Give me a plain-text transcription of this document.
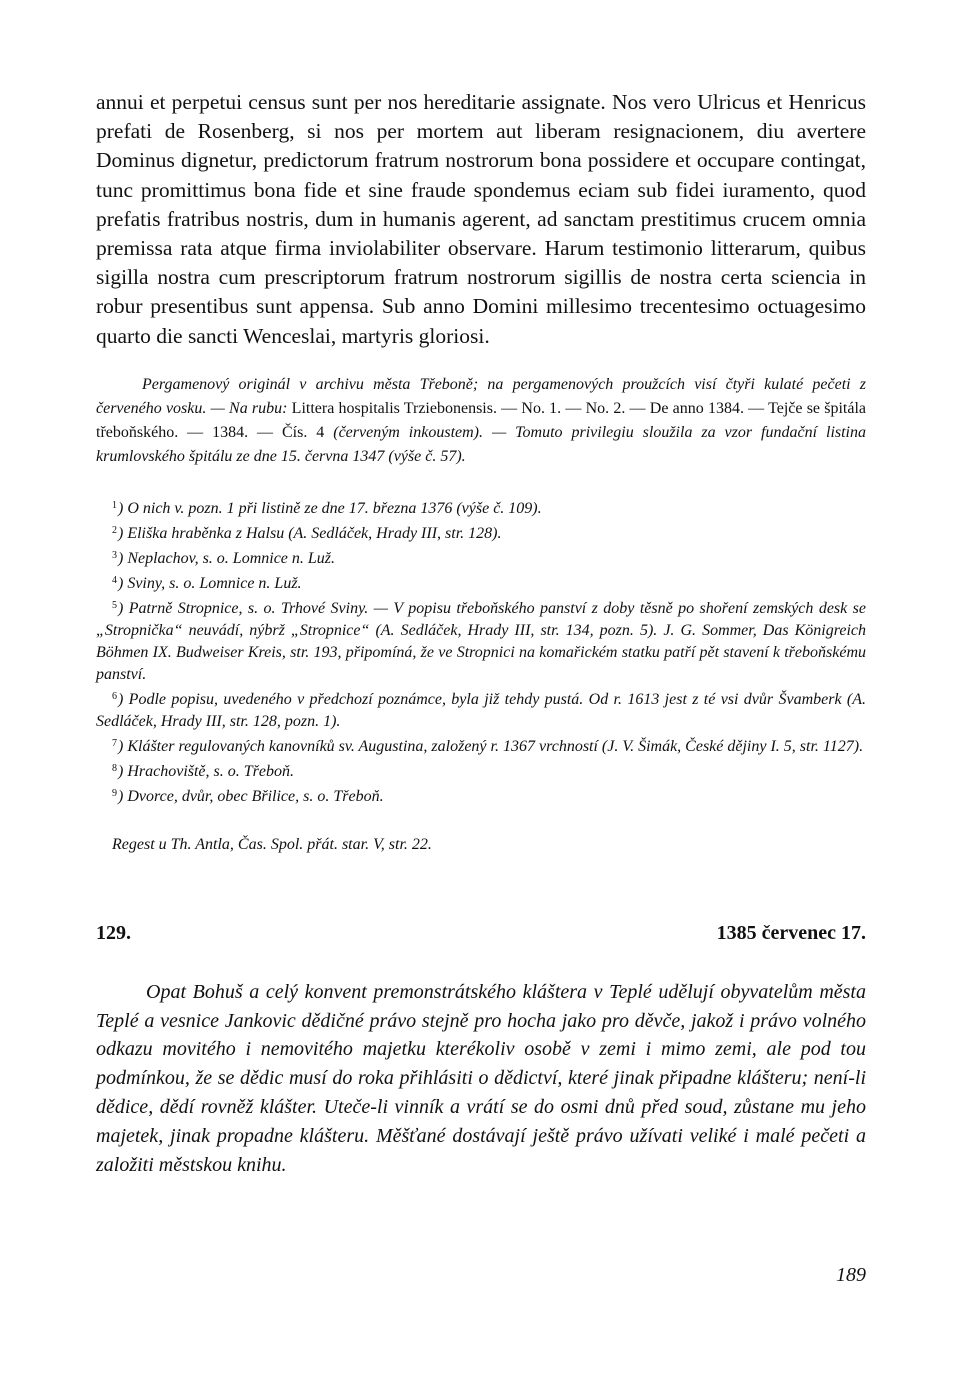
annui et perpetui census sunt per nos hereditarie assignate. Nos vero Ulricus et Henricus prefati de Rosenberg, si nos per mortem aut liberam resignacionem, diu avertere Dominus dignetur, predictorum fratrum nostrorum bona possidere et occupare contingat, tunc promittimus bona fide et sine fraude spondemus eciam sub fidei iuramento, quod prefatis fratribus nostris, dum in humanis agerent, ad sanctam prestitimus crucem omnia premissa rata atque firma inviolabiliter observare. Harum testimonio litterarum, quibus sigilla nostra cum prescriptorum fratrum nostrorum sigillis de nostra certa sciencia in robur presentibus sunt appensa. Sub anno Domini millesimo trecentesimo octuagesimo quarto die sancti Wenceslai, martyris gloriosi.

Pergamenový originál v archivu města Třeboně; na pergamenových proužcích visí čtyři kulaté pečeti z červeného vosku. — Na rubu: Littera hospitalis Trziebonensis. — No. 1. — No. 2. — De anno 1384. — Tejče se špitála třeboňského. — 1384. — Čís. 4 (červeným inkoustem). — Tomuto privilegiu sloužila za vzor fundační listina krumlovského špitálu ze dne 15. června 1347 (výše č. 57).

$^1$) O nich v. pozn. 1 při listině ze dne 17. března 1376 (výše č. 109).

$^2$) Eliška hraběnka z Halsu (A. Sedláček, Hrady III, str. 128).

$^3$) Neplachov, s. o. Lomnice n. Luž.

$^4$) Sviny, s. o. Lomnice n. Luž.

$^5$) Patrně Stropnice, s. o. Trhové Sviny. — V popisu třeboňského panství z doby těsně po shoření zemských desk se „Stropnička“ neuvádí, nýbrž „Stropnice“ (A. Sedláček, Hrady III, str. 134, pozn. 5). J. G. Sommer, Das Königreich Böhmen IX. Budweiser Kreis, str. 193, připomíná, že ve Stropnici na komařickém statku patří pět stavení k třeboňskému panství.

$^6$) Podle popisu, uvedeného v předchozí poznámce, byla již tehdy pustá. Od r. 1613 jest z té vsi dvůr Švamberk (A. Sedláček, Hrady III, str. 128, pozn. 1).

$^7$) Klášter regulovaných kanovníků sv. Augustina, založený r. 1367 vrchností (J. V. Šimák, České dějiny I. 5, str. 1127).

$^8$) Hrachoviště, s. o. Třeboň.

$^9$) Dvorce, dvůr, obec Břilice, s. o. Třeboň.

Regest u Th. Antla, Čas. Spol. přát. star. V, str. 22.

129.	1385 červenec 17.

Opat Bohuš a celý konvent premonstrátského kláštera v Teplé udělují obyvatelům města Teplé a vesnice Jankovic dědičné právo stejně pro hocha jako pro děvče, jakož i právo volného odkazu movitého i nemovitého majetku kterékoliv osobě v zemi i mimo zemi, ale pod tou podmínkou, že se dědic musí do roka přihlásiti o dědictví, které jinak připadne klášteru; není-li dědice, dědí rovněž klášter. Uteče-li vinník a vrátí se do osmi dnů před soud, zůstane mu jeho majetek, jinak propadne klášteru. Měšťané dostávají ještě právo užívati veliké i malé pečeti a založiti městskou knihu.

189
